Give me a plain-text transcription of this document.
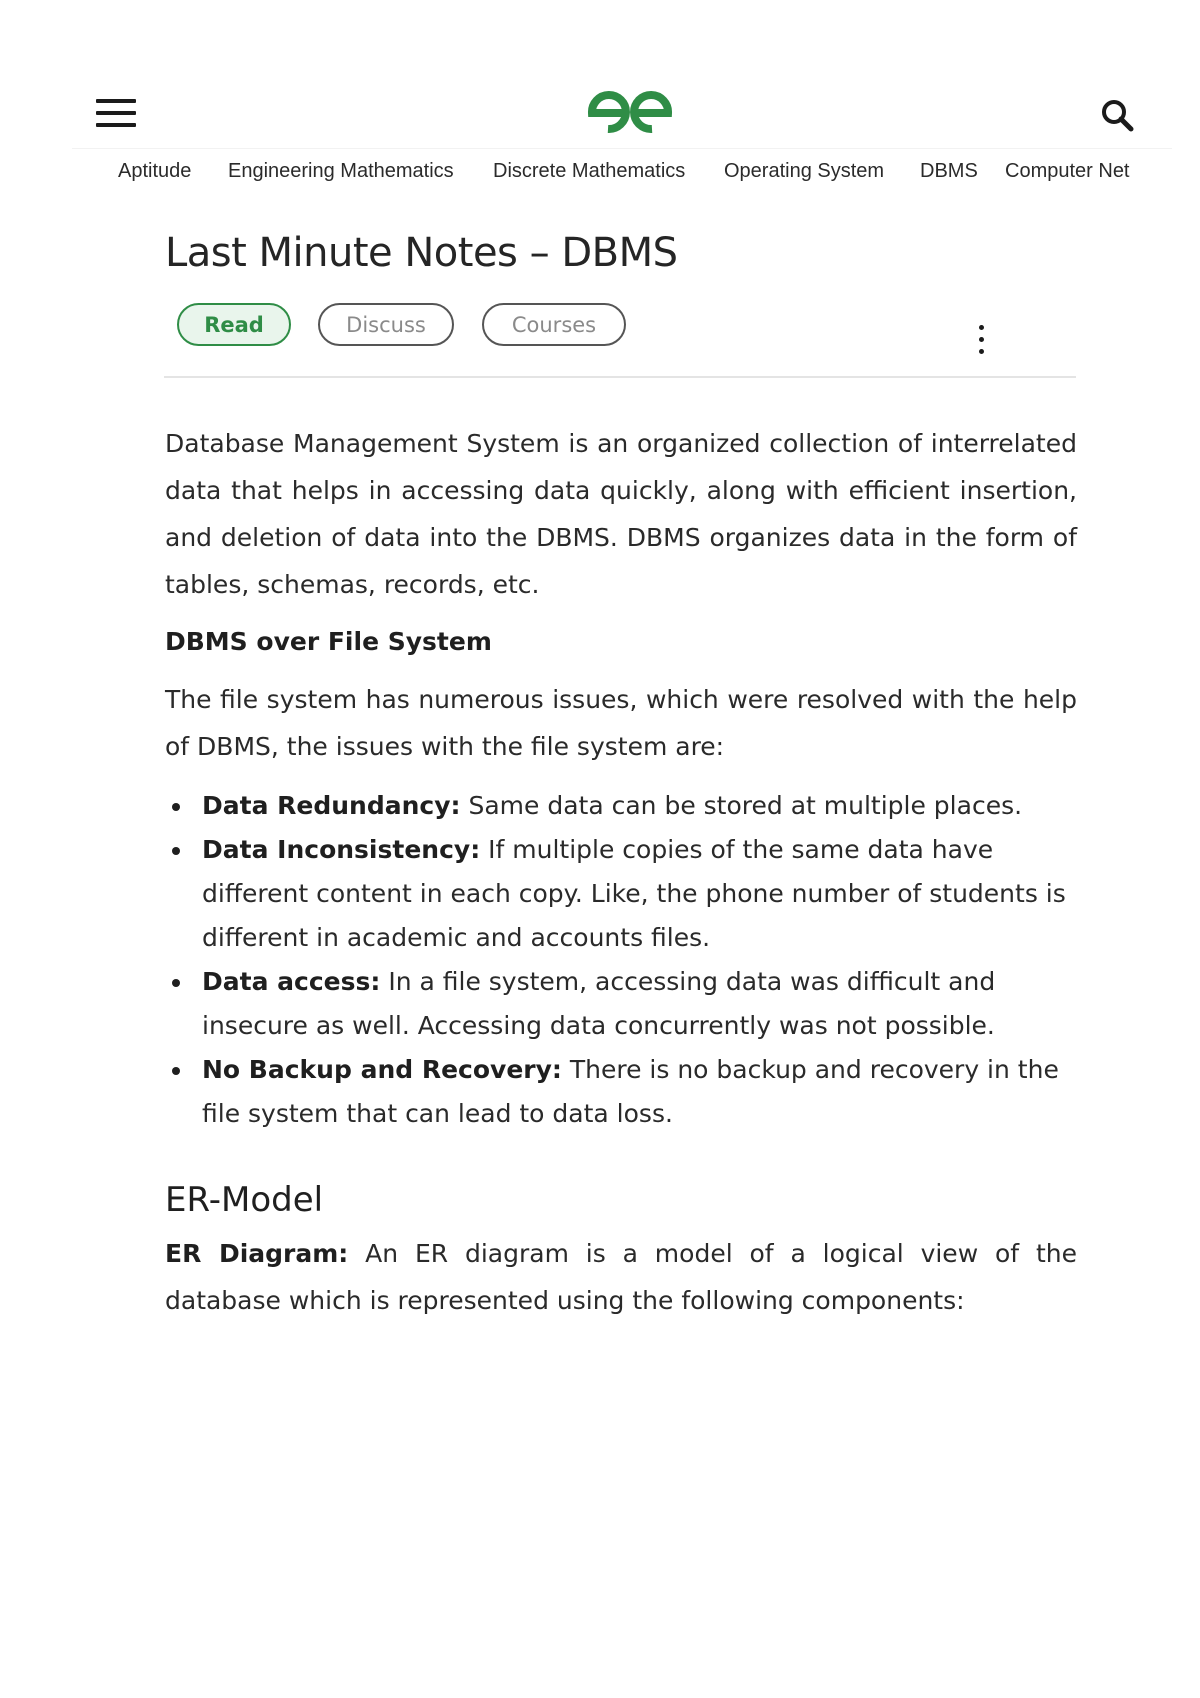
Aptitude Engineering Mathematics Discrete Mathematics Operating System DBMS Computer Net
Last Minute Notes – DBMS
Read	Discuss	Courses

Database Management System is an organized collection of interrelated data that helps in accessing data quickly, along with efficient insertion, and deletion of data into the DBMS. DBMS organizes data in the form of tables, schemas, records, etc.

DBMS over File System

The file system has numerous issues, which were resolved with the help of DBMS, the issues with the file system are:

Data Redundancy: Same data can be stored at multiple places.
Data Inconsistency: If multiple copies of the same data have different content in each copy. Like, the phone number of students is different in academic and accounts files.
Data access: In a file system, accessing data was difficult and insecure as well. Accessing data concurrently was not possible.
No Backup and Recovery: There is no backup and recovery in the file system that can lead to data loss.
ER-Model

ER Diagram: An ER diagram is a model of a logical view of the database which is represented using the following components:
